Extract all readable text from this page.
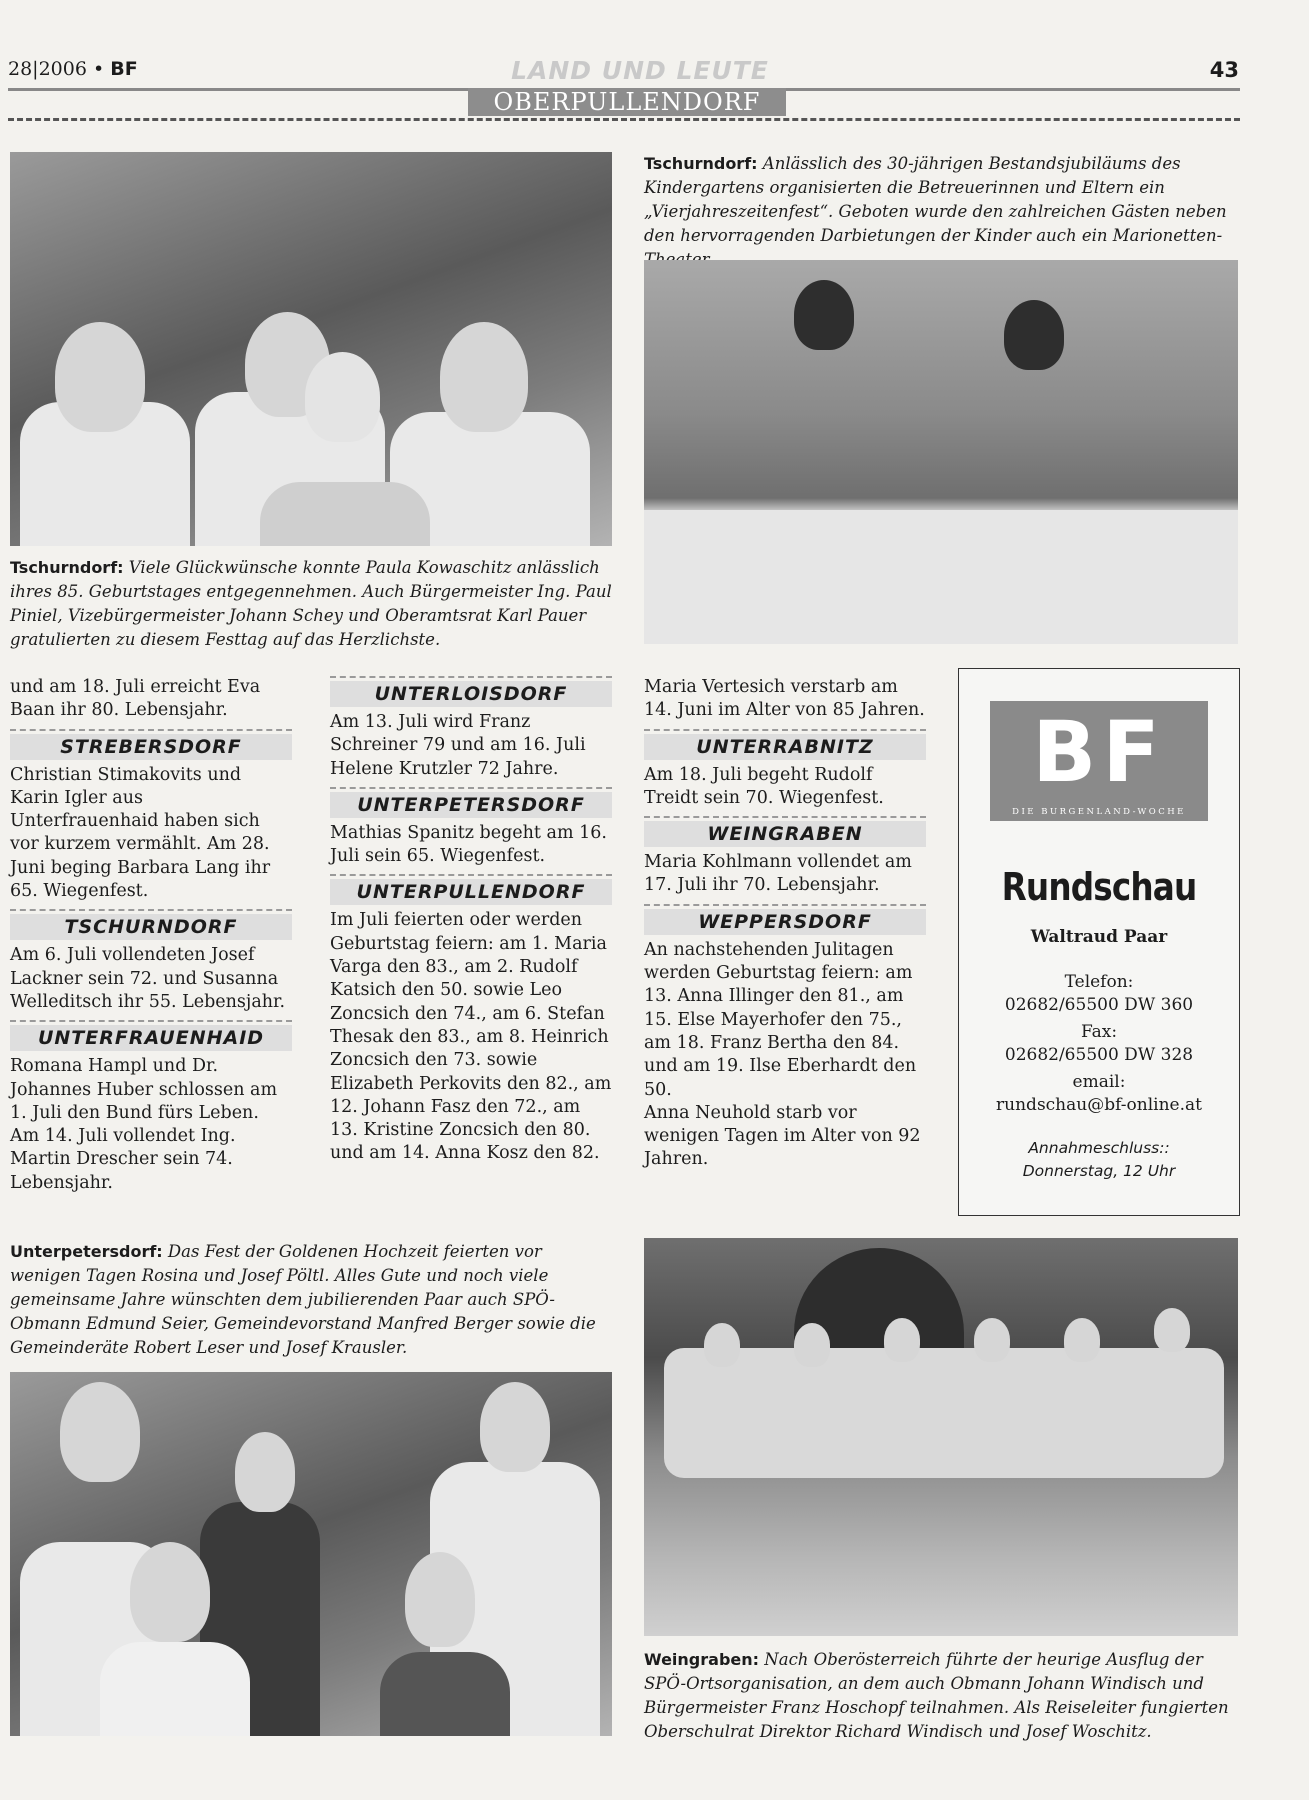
28|2006 • BF	LAND UND LEUTE	43
OBERPULLENDORF
Tschurndorf: Viele Glückwünsche konnte Paula Kowaschitz anlässlich ihres 85. Geburtstages entgegennehmen. Auch Bürgermeister Ing. Paul Piniel, Vizebürgermeister Johann Schey und Oberamtsrat Karl Pauer gratulierten zu diesem Festtag auf das Herzlichste.
Tschurndorf: Anlässlich des 30-jährigen Bestandsjubiläums des Kindergartens organisierten die Betreuerinnen und Eltern ein „Vierjahreszeitenfest“. Geboten wurde den zahlreichen Gästen neben den hervorragenden Darbietungen der Kinder auch ein Marionetten-

und am 18. Juli erreicht Eva Baan ihr 80. Lebensjahr.

STREBERSDORF

Christian Stimakovits und Karin Igler aus Unterfrauenhaid haben sich vor kurzem vermählt. Am 28. Juni beging Barbara Lang ihr 65. Wiegenfest.

TSCHURNDORF

Am 6. Juli vollendeten Josef Lackner sein 72. und Susanna Welleditsch ihr 55. Lebensjahr.

UNTERFRAUENHAID

Romana Hampl und Dr. Johannes Huber schlossen am 1. Juli den Bund fürs Leben. Am 14. Juli vollendet Ing. Martin Drescher sein 74. Lebensjahr.

UNTERLOISDORF

Am 13. Juli wird Franz Schreiner 79 und am 16. Juli Helene Krutzler 72 Jahre.

UNTERPETERSDORF

Mathias Spanitz begeht am 16. Juli sein 65. Wiegenfest.

UNTERPULLENDORF

Im Juli feierten oder werden Geburtstag feiern: am 1. Maria Varga den 83., am 2. Rudolf Katsich den 50. sowie Leo Zoncsich den 74., am 6. Stefan Thesak den 83., am 8. Heinrich Zoncsich den 73. sowie Elizabeth Perkovits den 82., am 12. Johann Fasz den 72., am 13. Kristine Zoncsich den 80. und am 14. Anna Kosz den 82.

Maria Vertesich verstarb am 14. Juni im Alter von 85 Jahren.

UNTERRABNITZ

Am 18. Juli begeht Rudolf Treidt sein 70. Wiegenfest.

WEINGRABEN

Maria Kohlmann vollendet am 17. Juli ihr 70. Lebensjahr.

WEPPERSDORF

An nachstehenden Julitagen werden Geburtstag feiern: am 13. Anna Illinger den 81., am 15. Else Mayerhofer den 75., am 18. Franz Bertha den 84. und am 19. Ilse Eberhardt den 50.

Anna Neuhold starb vor wenigen Tagen im Alter von 92 Jahren.

BF
DIE BURGENLAND-WOCHE
Rundschau
Waltraud Paar
Telefon:
02682/65500 DW 360
Fax:
02682/65500 DW 328
email:
rundschau@bf-online.at
Annahmeschluss::
Donnerstag, 12 Uhr
Unterpetersdorf: Das Fest der Goldenen Hochzeit feierten vor wenigen Tagen Rosina und Josef Pöltl. Alles Gute und noch viele gemeinsame Jahre wünschten dem jubilierenden Paar auch SPÖ-Obmann Edmund Seier, Gemeindevorstand Manfred Berger sowie die Gemeinderäte Robert Leser und Josef Krausler.
Weingraben: Nach Oberösterreich führte der heurige Ausflug der SPÖ-Ortsorganisation, an dem auch Obmann Johann Windisch und Bürgermeister Franz Hoschopf teilnahmen. Als Reiseleiter fungierten Oberschulrat Direktor Richard Windisch und Josef Woschitz.
